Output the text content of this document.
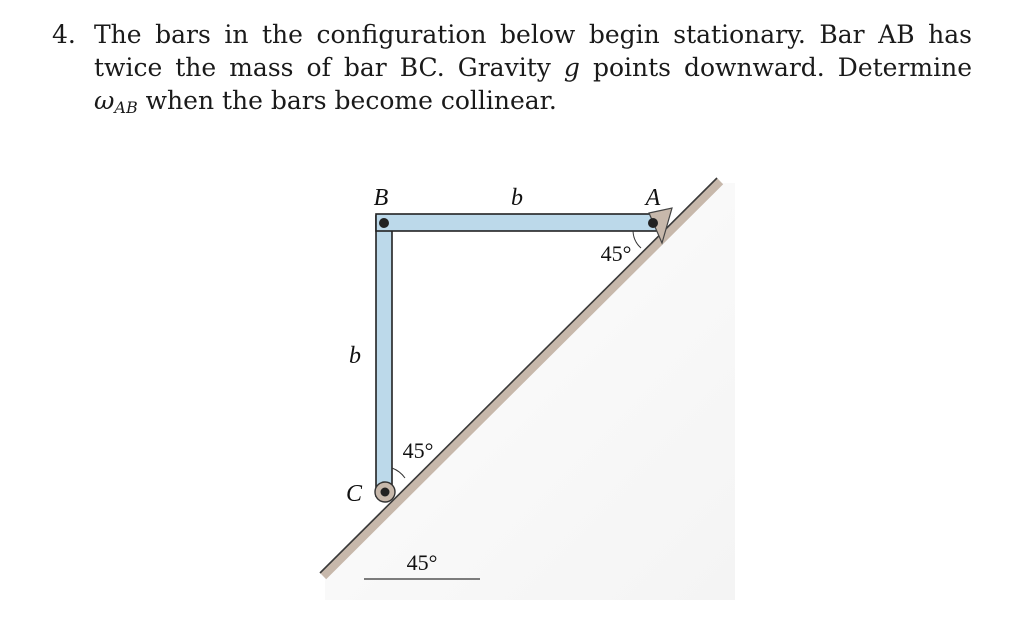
4. The bars in the configuration below begin stationary. Bar AB has twice the mass of bar BC. Gravity g points downward. Determine $\omega_{AB}$ when the bars become collinear.
45°
B	b	A
45°
b
45°
C
